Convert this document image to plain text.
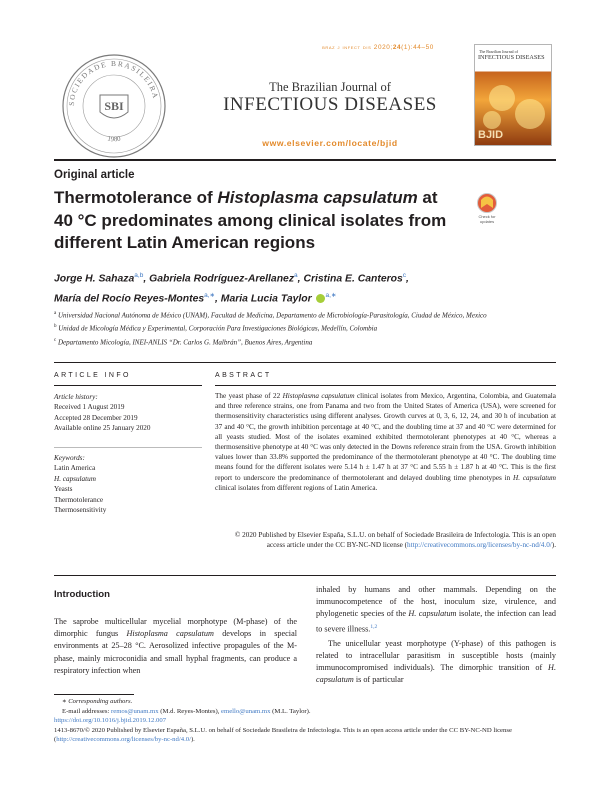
SOCIEDADE BRASILEIRA
SBI
1980
braz j infect dis 2020;24(1):44–50
The Brazilian Journal of
INFECTIOUS DISEASES
www.elsevier.com/locate/bjid
The Brazilian Journal of
INFECTIOUS DISEASES
BJID
Original article
Thermotolerance of Histoplasma capsulatum at 40 °C predominates among clinical isolates from different Latin American regions
Check for
updates
Jorge H. Sahaza$^{a,b}$, Gabriela Rodríguez-Arellanez$^a$, Cristina E. Canteros$^c$,
María del Rocío Reyes-Montes$^{a,∗}$, Maria Lucia Taylor $^{a,∗}$

$^a$ Universidad Nacional Autónoma de México (UNAM), Facultad de Medicina, Departamento de Microbiología-Parasitología, Ciudad de México, Mexico

$^b$ Unidad de Micología Médica y Experimental, Corporación Para Investigaciones Biológicas, Medellín, Colombia

$^c$ Departamento Micología, INEI-ANLIS “Dr. Carlos G. Malbrán”, Buenos Aires, Argentina

ARTICLE INFO

Article history:

Received 1 August 2019

Accepted 28 December 2019

Available online 25 January 2020

Keywords:

Latin America

H. capsulatum

Yeasts

Thermotolerance

Thermosensitivity

ABSTRACT

The yeast phase of 22 Histoplasma capsulatum clinical isolates from Mexico, Argentina, Colombia, and Guatemala and three reference strains, one from Panama and two from the United States of America (USA), were screened for thermosensitivity characteristics using different analyses. Growth curves at 0, 3, 6, 12, 24, and 30 h of incubation at 37 and 40 °C, the growth inhibition percentage at 40 °C, and the doubling time at 37 and 40 °C were determined for all yeasts studied. Most of the isolates examined exhibited thermotolerant phenotypes at 40 °C, whereas a thermosensitive phenotype at 40 °C was only detected in the Downs reference strain from the USA. Growth inhibition values lower than 33.8% supported the predominance of the thermotolerant phenotype at 40 °C. The doubling time means found for the different isolates were 5.14 h ± 1.47 h at 37 °C and 5.55 h ± 1.87 h at 40 °C. This is the first report to underscore the predominance of thermotolerant and delayed doubling time phenotypes in H. capsulatum clinical isolates from different regions of Latin America.

© 2020 Published by Elsevier España, S.L.U. on behalf of Sociedade Brasileira de Infectologia. This is an open access article under the CC BY-NC-ND license (http://creativecommons.org/licenses/by-nc-nd/4.0/).
Introduction

The saprobe multicellular mycelial morphotype (M-phase) of the dimorphic fungus Histoplasma capsulatum develops in special environments at 25–28 °C. Aerosolized infective propagules of the M-phase, mainly microconidia and small hyphal fragments, can produce a respiratory infection when

inhaled by humans and other mammals. Depending on the immunocompetence of the host, inoculum size, virulence, and phylogenetic species of the H. capsulatum isolate, the infection can lead to severe illness.$^{1,2}$

The unicellular yeast morphotype (Y-phase) of this pathogen is related to intracellular parasitism in susceptible hosts (mainly immunocompromised individuals). The dimorphic transition of H. capsulatum is of particular

∗ Corresponding authors.

E-mail addresses: remos@unam.mx (M.d. Reyes-Montes), emello@unam.mx (M.L. Taylor).

https://doi.org/10.1016/j.bjid.2019.12.007

1413-8670/© 2020 Published by Elsevier España, S.L.U. on behalf of Sociedade Brasileira de Infectologia. This is an open access article under the CC BY-NC-ND license (http://creativecommons.org/licenses/by-nc-nd/4.0/).
